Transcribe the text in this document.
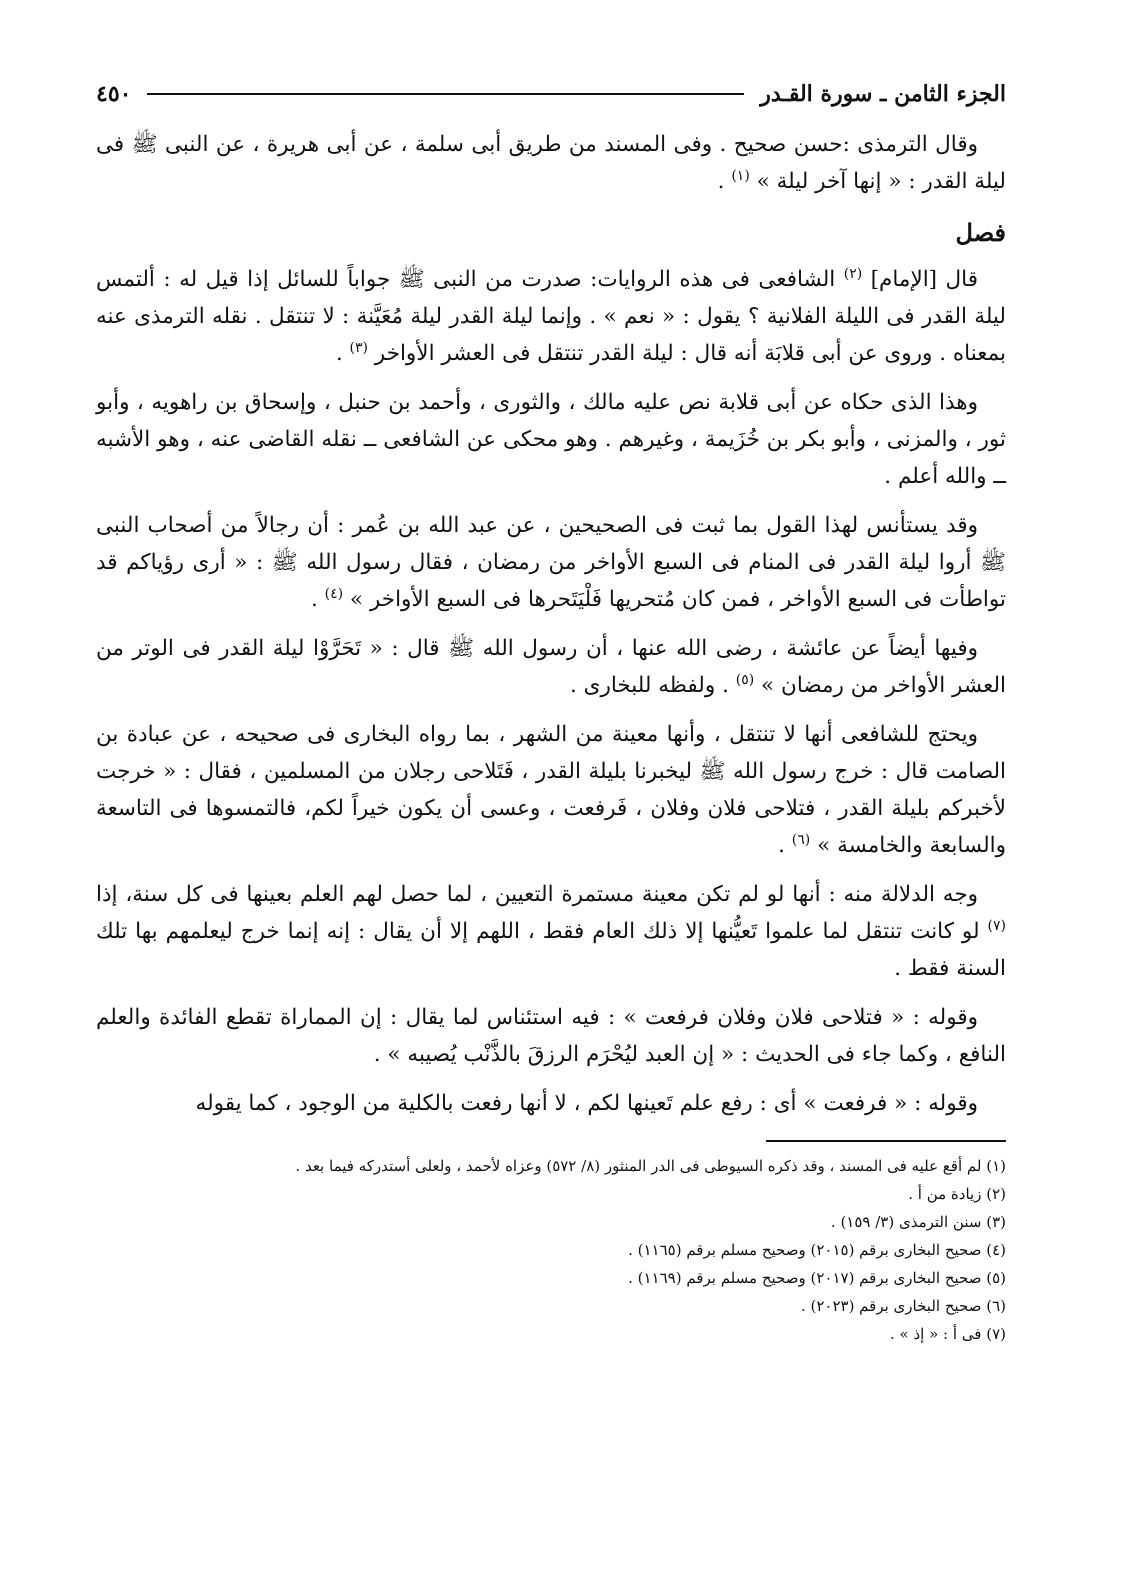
الجزء الثامن ـ سورة القـدر
٤٥٠

وقال الترمذى :حسن صحيح . وفى المسند من طريق أبى سلمة ، عن أبى هريرة ، عن النبى ﷺ فى ليلة القدر : « إنها آخر ليلة » $^{(١)}$ .

فصل

قال [الإمام] $^{(٢)}$ الشافعى فى هذه الروايات: صدرت من النبى ﷺ جواباً للسائل إذا قيل له : ألتمس ليلة القدر فى الليلة الفلانية ؟ يقول : « نعم » . وإنما ليلة القدر ليلة مُعَيَّنة : لا تنتقل . نقله الترمذى عنه بمعناه . وروى عن أبى قلابَة أنه قال : ليلة القدر تنتقل فى العشر الأواخر $^{(٣)}$ .

وهذا الذى حكاه عن أبى قلابة نص عليه مالك ، والثورى ، وأحمد بن حنبل ، وإسحاق بن راهويه ، وأبو ثور ، والمزنى ، وأبو بكر بن خُزَيمة ، وغيرهم . وهو محكى عن الشافعى ــ نقله القاضى عنه ، وهو الأشبه ــ والله أعلم .

وقد يستأنس لهذا القول بما ثبت فى الصحيحين ، عن عبد الله بن عُمر : أن رجالاً من أصحاب النبى ﷺ أروا ليلة القدر فى المنام فى السبع الأواخر من رمضان ، فقال رسول الله ﷺ : « أرى رؤياكم قد تواطأت فى السبع الأواخر ، فمن كان مُتحريها فَلْيَتَحرها فى السبع الأواخر » $^{(٤)}$ .

وفيها أيضاً عن عائشة ، رضى الله عنها ، أن رسول الله ﷺ قال : « تَحَرَّوْا ليلة القدر فى الوتر من العشر الأواخر من رمضان » $^{(٥)}$ . ولفظه للبخارى .

ويحتج للشافعى أنها لا تنتقل ، وأنها معينة من الشهر ، بما رواه البخارى فى صحيحه ، عن عبادة بن الصامت قال : خرج رسول الله ﷺ ليخبرنا بليلة القدر ، فَتَلاحى رجلان من المسلمين ، فقال : « خرجت لأخبركم بليلة القدر ، فتلاحى فلان وفلان ، فَرفعت ، وعسى أن يكون خيراً لكم، فالتمسوها فى التاسعة والسابعة والخامسة » $^{(٦)}$ .

وجه الدلالة منه : أنها لو لم تكن معينة مستمرة التعيين ، لما حصل لهم العلم بعينها فى كل سنة، إذا $^{(٧)}$ لو كانت تنتقل لما علموا تَعيُّنها إلا ذلك العام فقط ، اللهم إلا أن يقال : إنه إنما خرج ليعلمهم بها تلك السنة فقط .

وقوله : « فتلاحى فلان وفلان فرفعت » : فيه استئناس لما يقال : إن المماراة تقطع الفائدة والعلم النافع ، وكما جاء فى الحديث : « إن العبد ليُحْرَم الرزقَ بالذَّنْب يُصيبه » .

وقوله : « فرفعت » أى : رفع علم تَعينها لكم ، لا أنها رفعت بالكلية من الوجود ، كما يقوله

(١) لم أقع عليه فى المسند ، وقد ذكره السيوطى فى الدر المنثور (٨/ ٥٧٢) وعزاه لأحمد ، ولعلى أستدركه فيما بعد .

(٢) زيادة من أ .

(٣) سنن الترمذى (٣/ ١٥٩) .

(٤) صحيح البخارى برقم (٢٠١٥) وصحيح مسلم برقم (١١٦٥) .

(٥) صحيح البخارى برقم (٢٠١٧) وصحيح مسلم برقم (١١٦٩) .

(٦) صحيح البخارى برقم (٢٠٢٣) .

(٧) فى أ : « إذ » .
